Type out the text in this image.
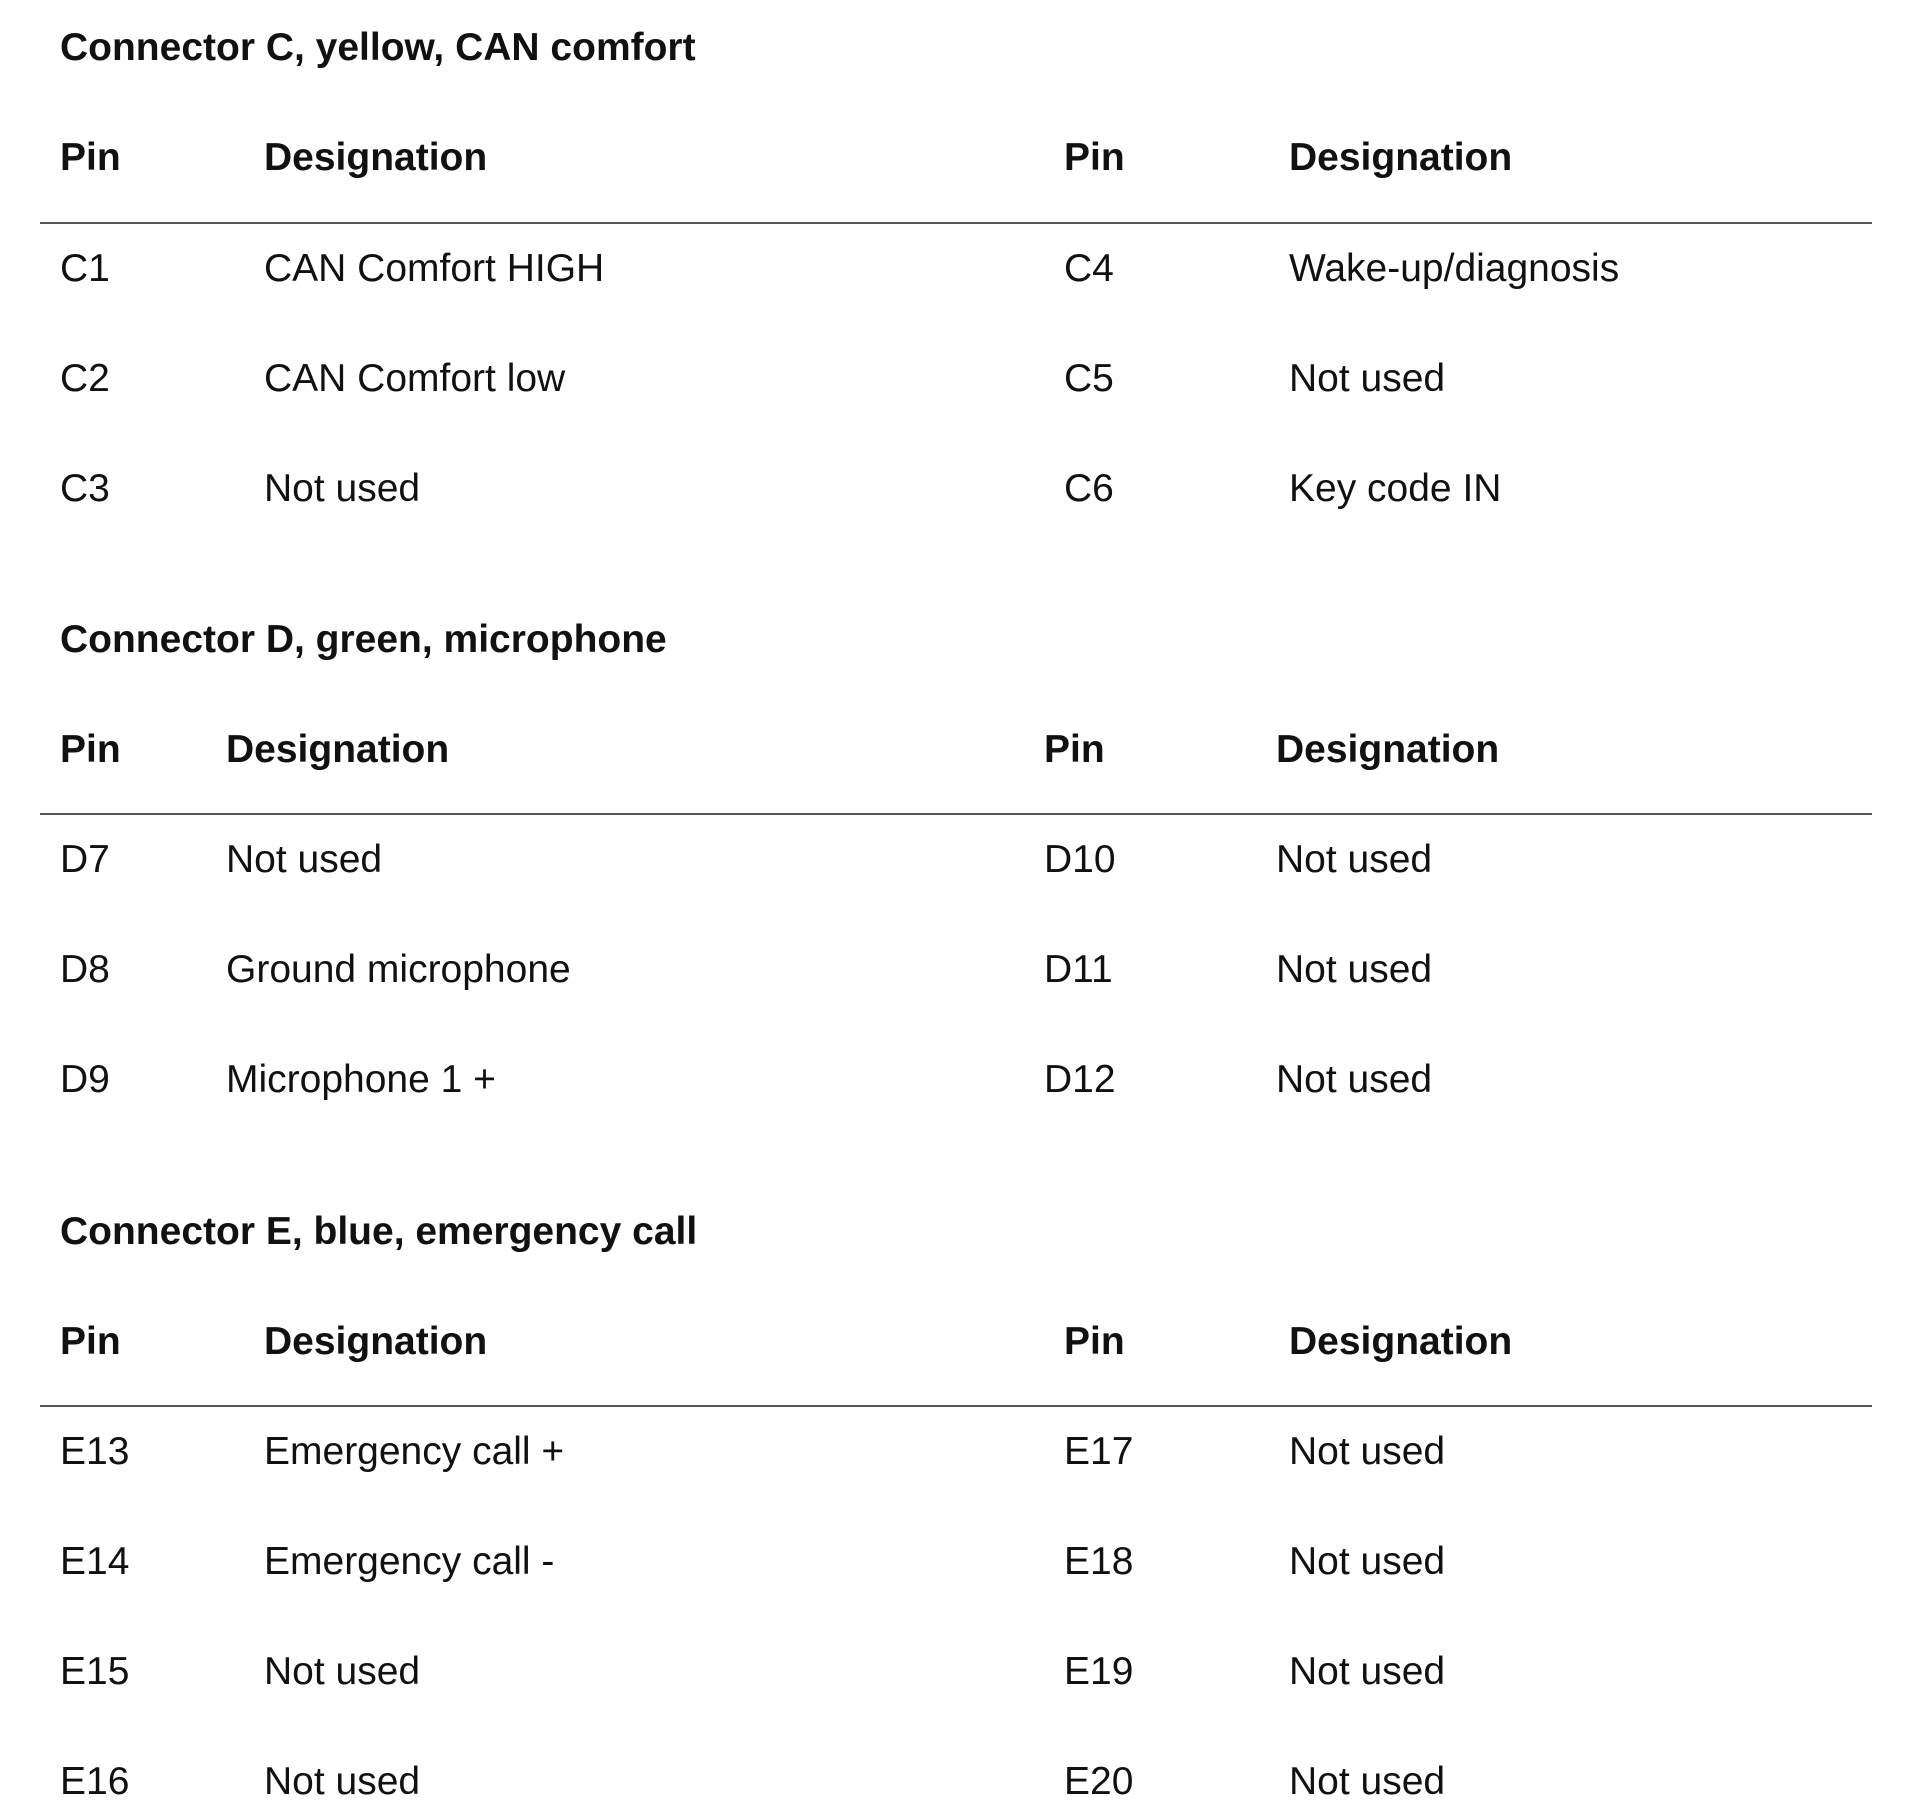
Connector C, yellow, CAN comfort
Pin	Designation	Pin	Designation
C1	CAN Comfort HIGH	C4	Wake-up/diagnosis
C2	CAN Comfort low	C5	Not used
C3	Not used	C6	Key code IN
Connector D, green, microphone
Pin	Designation	Pin	Designation
D7	Not used	D10	Not used
D8	Ground microphone	D11	Not used
D9	Microphone 1 +	D12	Not used
Connector E, blue, emergency call
Pin	Designation	Pin	Designation
E13	Emergency call +	E17	Not used
E14	Emergency call -	E18	Not used
E15	Not used	E19	Not used
E16	Not used	E20	Not used
